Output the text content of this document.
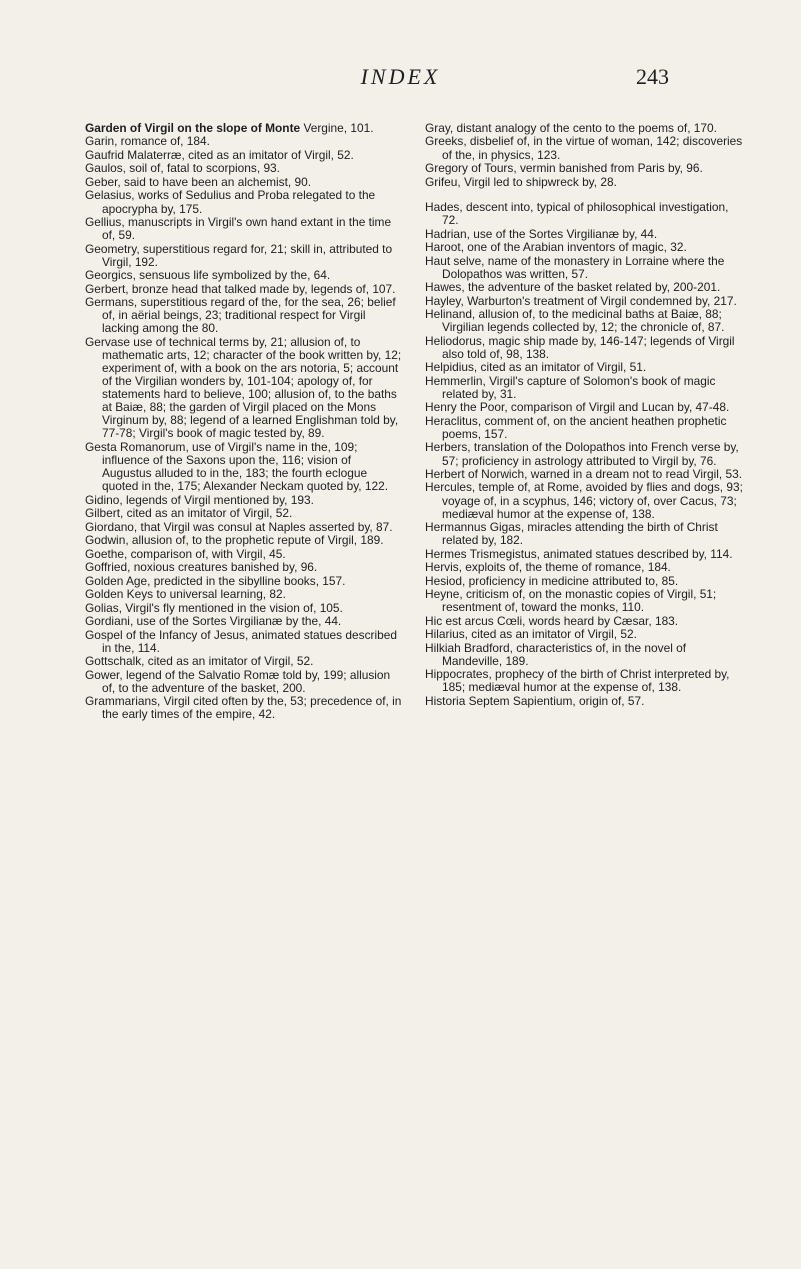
INDEX	243

Garden of Virgil on the slope of Monte Vergine, 101.

Garin, romance of, 184.

Gaufrid Malaterræ, cited as an imitator of Virgil, 52.

Gaulos, soil of, fatal to scorpions, 93.

Geber, said to have been an alchemist, 90.

Gelasius, works of Sedulius and Proba relegated to the apocrypha by, 175.

Gellius, manuscripts in Virgil's own hand extant in the time of, 59.

Geometry, superstitious regard for, 21; skill in, attributed to Virgil, 192.

Georgics, sensuous life symbolized by the, 64.

Gerbert, bronze head that talked made by, legends of, 107.

Germans, superstitious regard of the, for the sea, 26; belief of, in aërial beings, 23; traditional respect for Virgil lacking among the 80.

Gervase use of technical terms by, 21; allusion of, to mathematic arts, 12; character of the book written by, 12; experiment of, with a book on the ars notoria, 5; account of the Virgilian wonders by, 101-104; apology of, for statements hard to believe, 100; allusion of, to the baths at Baiæ, 88; the garden of Virgil placed on the Mons Virginum by, 88; legend of a learned Englishman told by, 77-78; Virgil's book of magic tested by, 89.

Gesta Romanorum, use of Virgil's name in the, 109; influence of the Saxons upon the, 116; vision of Augustus alluded to in the, 183; the fourth eclogue quoted in the, 175; Alexander Neckam quoted by, 122.

Gidino, legends of Virgil mentioned by, 193.

Gilbert, cited as an imitator of Virgil, 52.

Giordano, that Virgil was consul at Naples asserted by, 87.

Godwin, allusion of, to the prophetic repute of Virgil, 189.

Goethe, comparison of, with Virgil, 45.

Goffried, noxious creatures banished by, 96.

Golden Age, predicted in the sibylline books, 157.

Golden Keys to universal learning, 82.

Golias, Virgil's fly mentioned in the vision of, 105.

Gordiani, use of the Sortes Virgilianæ by the, 44.

Gospel of the Infancy of Jesus, animated statues described in the, 114.

Gottschalk, cited as an imitator of Virgil, 52.

Gower, legend of the Salvatio Romæ told by, 199; allusion of, to the adventure of the basket, 200.

Grammarians, Virgil cited often by the, 53; precedence of, in the early times of the empire, 42.

Gray, distant analogy of the cento to the poems of, 170.

Greeks, disbelief of, in the virtue of woman, 142; discoveries of the, in physics, 123.

Gregory of Tours, vermin banished from Paris by, 96.

Grifeu, Virgil led to shipwreck by, 28.

Hades, descent into, typical of philosophical investigation, 72.

Hadrian, use of the Sortes Virgilianæ by, 44.

Haroot, one of the Arabian inventors of magic, 32.

Haut selve, name of the monastery in Lorraine where the Dolopathos was written, 57.

Hawes, the adventure of the basket related by, 200-201.

Hayley, Warburton's treatment of Virgil condemned by, 217.

Helinand, allusion of, to the medicinal baths at Baiæ, 88; Virgilian legends collected by, 12; the chronicle of, 87.

Heliodorus, magic ship made by, 146-147; legends of Virgil also told of, 98, 138.

Helpidius, cited as an imitator of Virgil, 51.

Hemmerlin, Virgil's capture of Solomon's book of magic related by, 31.

Henry the Poor, comparison of Virgil and Lucan by, 47-48.

Heraclitus, comment of, on the ancient heathen prophetic poems, 157.

Herbers, translation of the Dolopathos into French verse by, 57; proficiency in astrology attributed to Virgil by, 76.

Herbert of Norwich, warned in a dream not to read Virgil, 53.

Hercules, temple of, at Rome, avoided by flies and dogs, 93; voyage of, in a scyphus, 146; victory of, over Cacus, 73; mediæval humor at the expense of, 138.

Hermannus Gigas, miracles attending the birth of Christ related by, 182.

Hermes Trismegistus, animated statues described by, 114.

Hervis, exploits of, the theme of romance, 184.

Hesiod, proficiency in medicine attributed to, 85.

Heyne, criticism of, on the monastic copies of Virgil, 51; resentment of, toward the monks, 110.

Hic est arcus Cœli, words heard by Cæsar, 183.

Hilarius, cited as an imitator of Virgil, 52.

Hilkiah Bradford, characteristics of, in the novel of Mandeville, 189.

Hippocrates, prophecy of the birth of Christ interpreted by, 185; mediæval humor at the expense of, 138.

Historia Septem Sapientium, origin of, 57.
